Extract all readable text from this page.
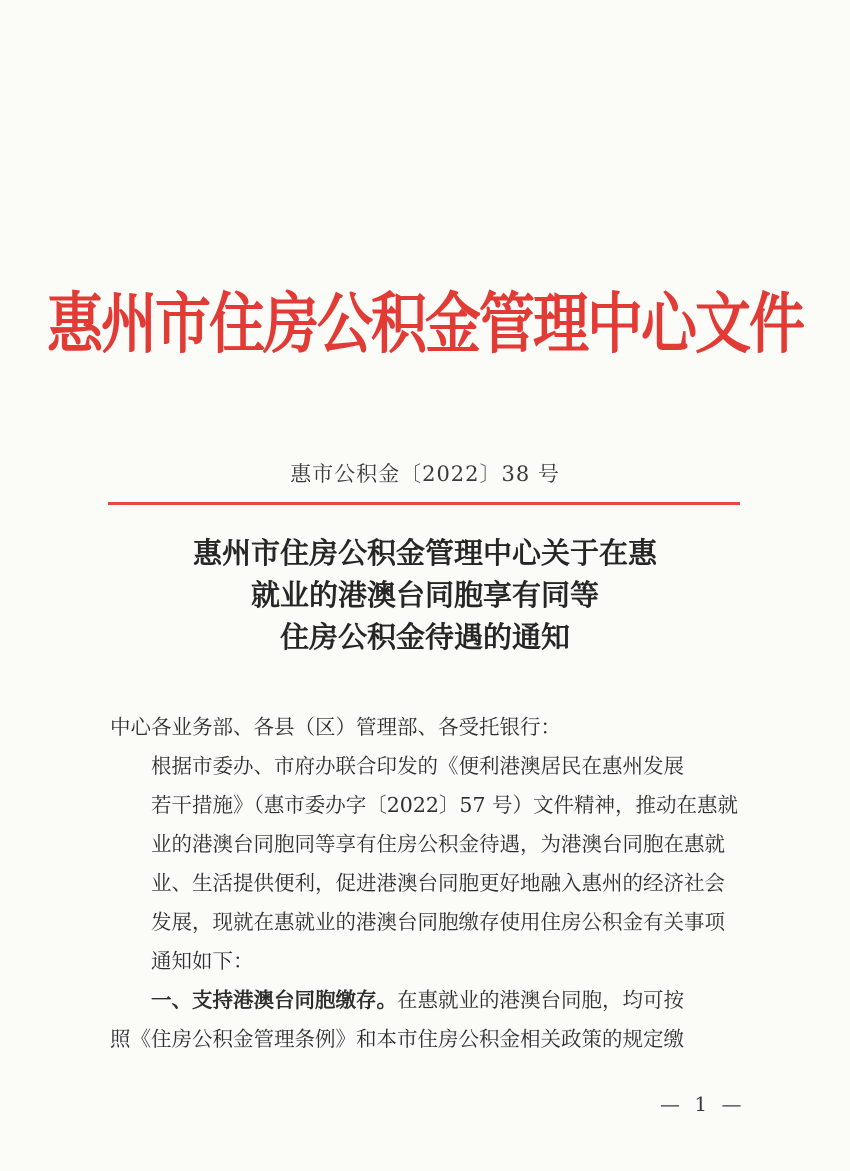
惠州市住房公积金管理中心文件
惠市公积金〔2022〕38 号
惠州市住房公积金管理中心关于在惠
就业的港澳台同胞享有同等
住房公积金待遇的通知
中心各业务部、各县（区）管理部、各受托银行：
根据市委办、市府办联合印发的《便利港澳居民在惠州发展
若干措施》（惠市委办字〔2022〕57 号）文件精神，推动在惠就
业的港澳台同胞同等享有住房公积金待遇，为港澳台同胞在惠就
业、生活提供便利，促进港澳台同胞更好地融入惠州的经济社会
发展，现就在惠就业的港澳台同胞缴存使用住房公积金有关事项
通知如下：
一、支持港澳台同胞缴存。在惠就业的港澳台同胞，均可按
照《住房公积金管理条例》和本市住房公积金相关政策的规定缴
— 1 —
